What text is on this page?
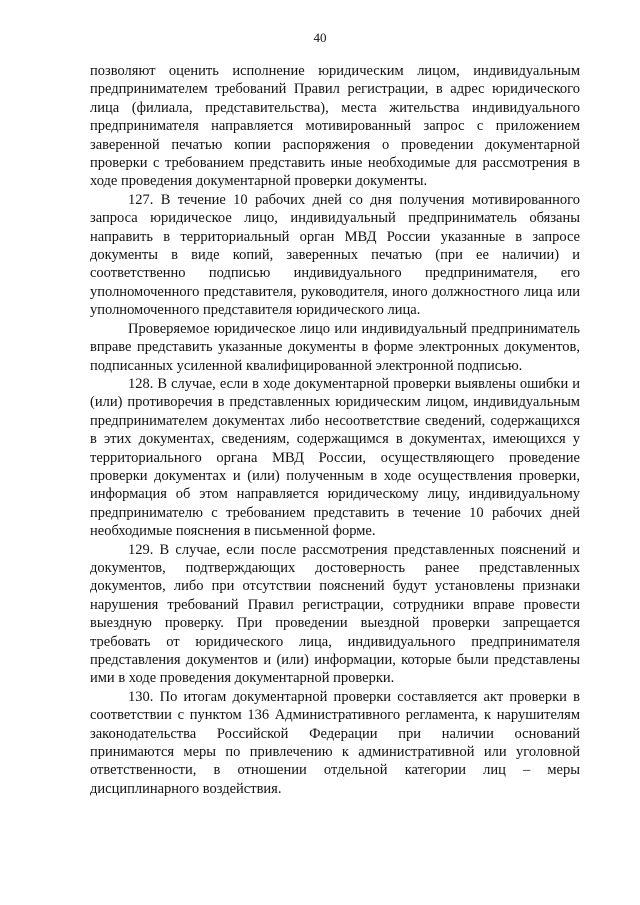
40

позволяют оценить исполнение юридическим лицом, индивидуальным предпринимателем требований Правил регистрации, в адрес юридического лица (филиала, представительства), места жительства индивидуального предпринимателя направляется мотивированный запрос с приложением заверенной печатью копии распоряжения о проведении документарной проверки с требованием представить иные необходимые для рассмотрения в ходе проведения документарной проверки документы.

127. В течение 10 рабочих дней со дня получения мотивированного запроса юридическое лицо, индивидуальный предприниматель обязаны направить в территориальный орган МВД России указанные в запросе документы в виде копий, заверенных печатью (при ее наличии) и соответственно подписью индивидуального предпринимателя, его уполномоченного представителя, руководителя, иного должностного лица или уполномоченного представителя юридического лица.

Проверяемое юридическое лицо или индивидуальный предприниматель вправе представить указанные документы в форме электронных документов, подписанных усиленной квалифицированной электронной подписью.

128. В случае, если в ходе документарной проверки выявлены ошибки и (или) противоречия в представленных юридическим лицом, индивидуальным предпринимателем документах либо несоответствие сведений, содержащихся в этих документах, сведениям, содержащимся в документах, имеющихся у территориального органа МВД России, осуществляющего проведение проверки документах и (или) полученным в ходе осуществления проверки, информация об этом направляется юридическому лицу, индивидуальному предпринимателю с требованием представить в течение 10 рабочих дней необходимые пояснения в письменной форме.

129. В случае, если после рассмотрения представленных пояснений и документов, подтверждающих достоверность ранее представленных документов, либо при отсутствии пояснений будут установлены признаки нарушения требований Правил регистрации, сотрудники вправе провести выездную проверку. При проведении выездной проверки запрещается требовать от юридического лица, индивидуального предпринимателя представления документов и (или) информации, которые были представлены ими в ходе проведения документарной проверки.

130. По итогам документарной проверки составляется акт проверки в соответствии с пунктом 136 Административного регламента, к нарушителям законодательства Российской Федерации при наличии оснований принимаются меры по привлечению к административной или уголовной ответственности, в отношении отдельной категории лиц – меры дисциплинарного воздействия.
